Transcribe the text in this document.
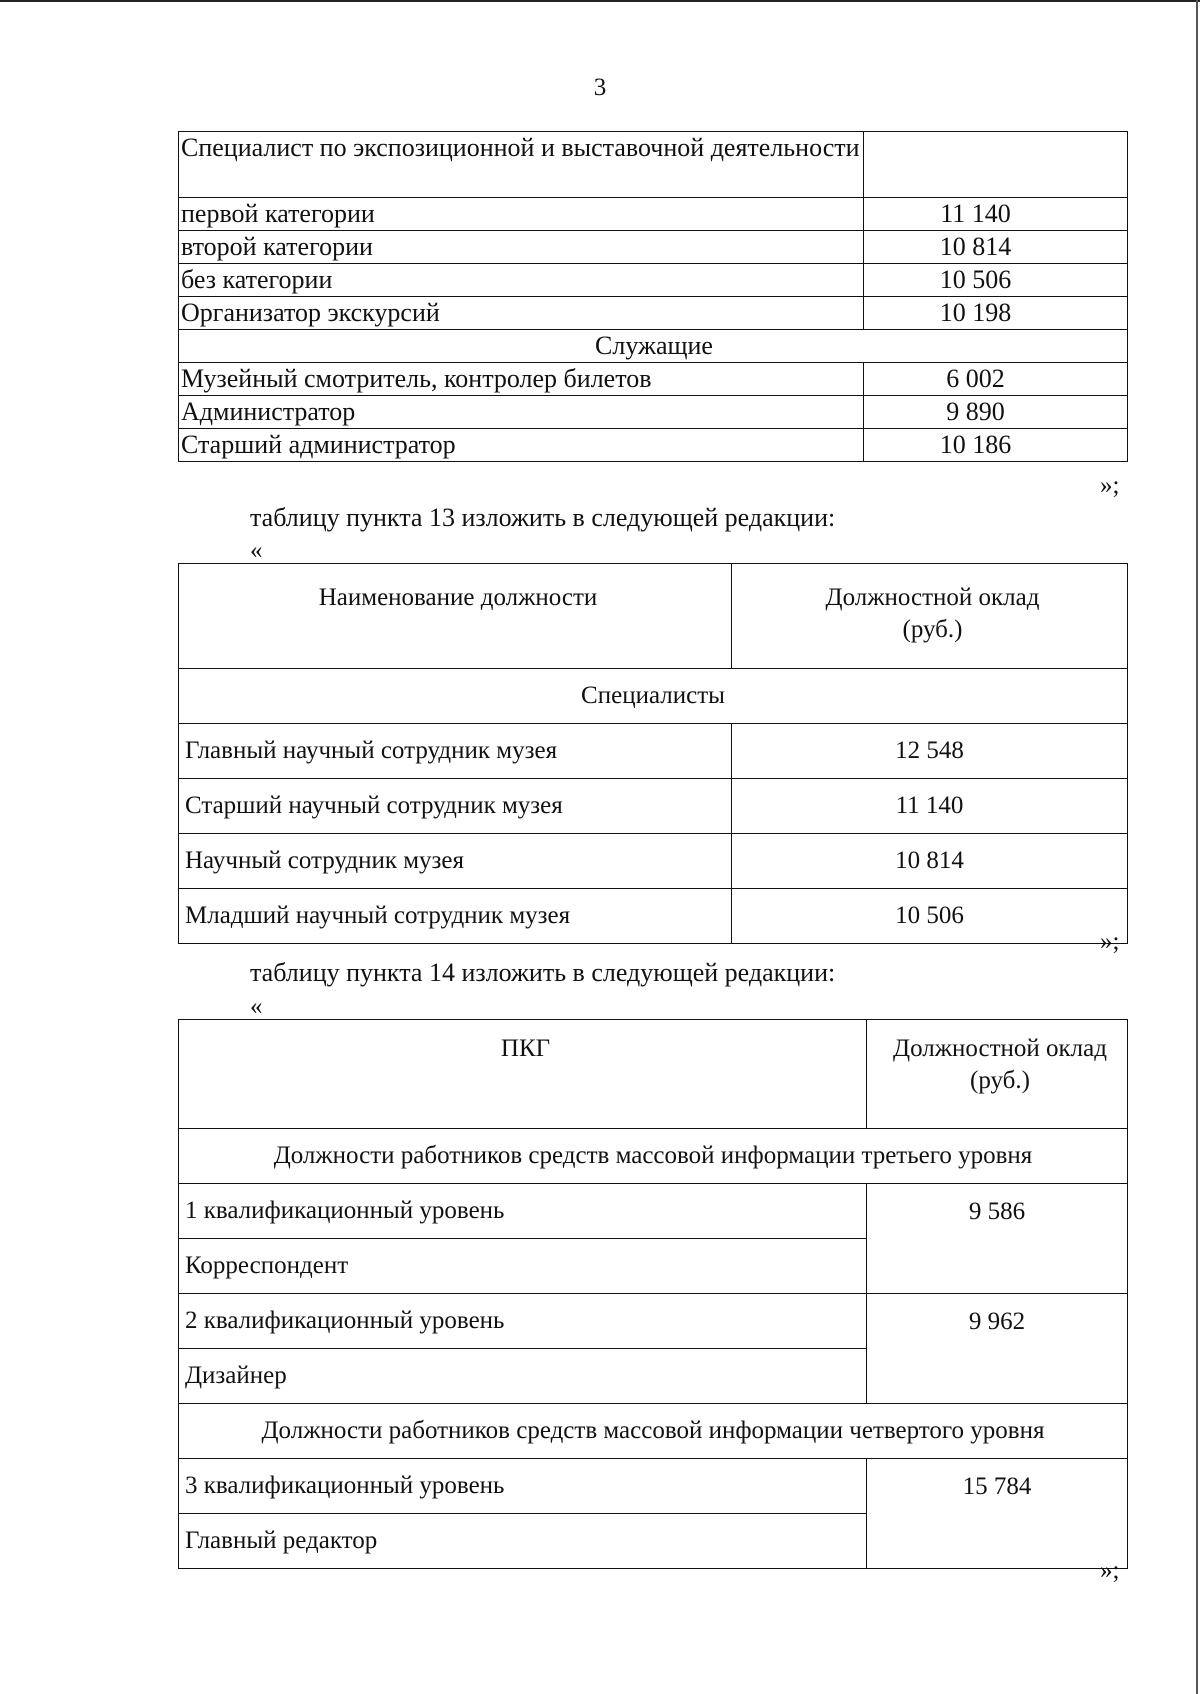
3
Специалист по экспозиционной и выставочной деятельности	
первой категории	11 140
второй категории	10 814
без категории	10 506
Организатор экскурсий	10 198
Служащие	
Музейный смотритель, контролер билетов	6 002
Администратор	9 890
Старший администратор	10 186
»;
таблицу пункта 13 изложить в следующей редакции:
«
Наименование должности	Должностной оклад
(руб.)

Специалисты	
Главный научный сотрудник музея	12 548
Старший научный сотрудник музея	11 140
Научный сотрудник музея	10 814
Младший научный сотрудник музея	10 506
»;
таблицу пункта 14 изложить в следующей редакции:
«
ПКГ	Должностной оклад
(руб.)

Должности работников средств массовой информации третьего уровня	
1 квалификационный уровень	9 586
Корреспондент	
2 квалификационный уровень	9 962
Дизайнер	
Должности работников средств массовой информации четвертого уровня	
3 квалификационный уровень	15 784
Главный редактор	
»;
